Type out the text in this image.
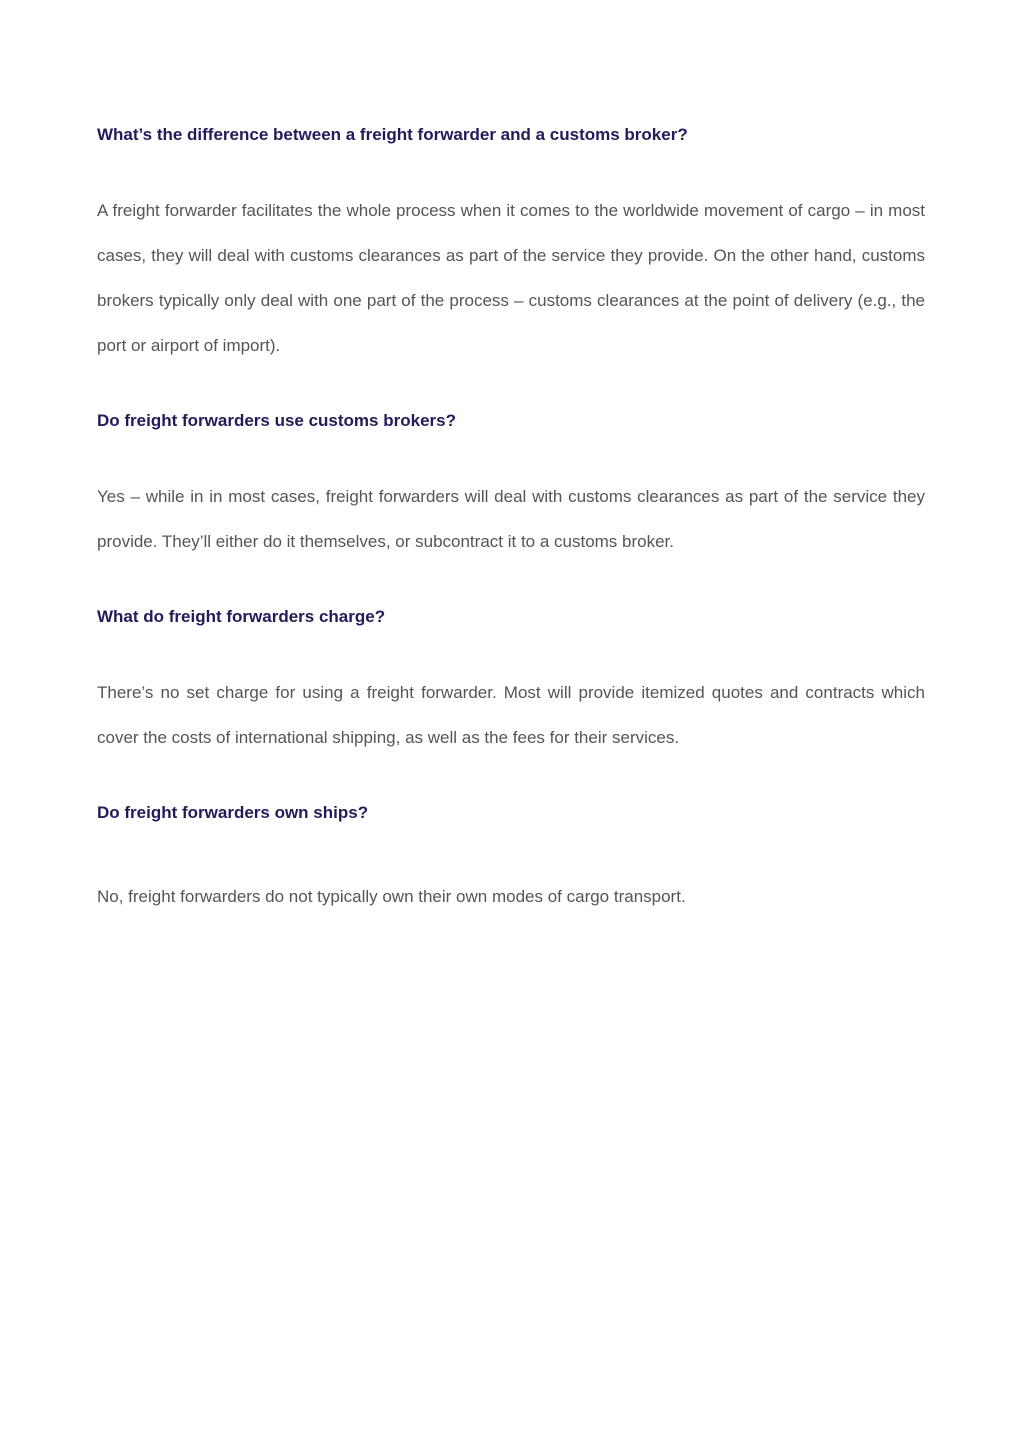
What’s the difference between a freight forwarder and a customs broker?

A freight forwarder facilitates the whole process when it comes to the worldwide movement of cargo – in most cases, they will deal with customs clearances as part of the service they provide. On the other hand, customs brokers typically only deal with one part of the process – customs clearances at the point of delivery (e.g., the port or airport of import).

Do freight forwarders use customs brokers?

Yes – while in in most cases, freight forwarders will deal with customs clearances as part of the service they provide. They’ll either do it themselves, or subcontract it to a customs broker.

What do freight forwarders charge?

There’s no set charge for using a freight forwarder. Most will provide itemized quotes and contracts which cover the costs of international shipping, as well as the fees for their services.

Do freight forwarders own ships?

No, freight forwarders do not typically own their own modes of cargo transport.
